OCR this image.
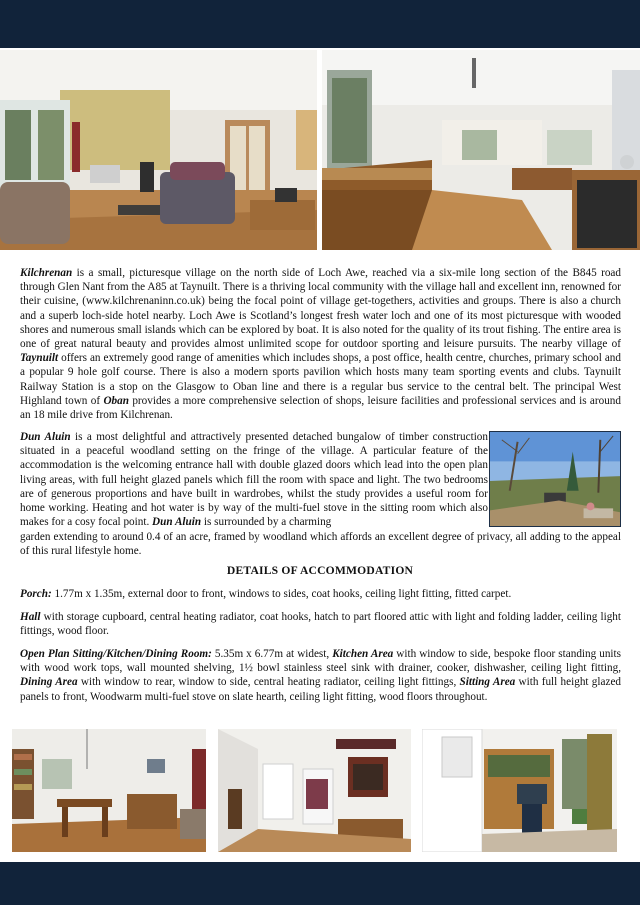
Kilchrenan is a small, picturesque village on the north side of Loch Awe, reached via a six-mile long section of the B845 road through Glen Nant from the A85 at Taynuilt. There is a thriving local community with the village hall and excellent inn, renowned for their cuisine, (www.kilchrenaninn.co.uk) being the focal point of village get-togethers, activities and groups. There is also a church and a superb loch-side hotel nearby. Loch Awe is Scotland’s longest fresh water loch and one of its most picturesque with wooded shores and numerous small islands which can be explored by boat. It is also noted for the quality of its trout fishing. The entire area is one of great natural beauty and provides almost unlimited scope for outdoor sporting and leisure pursuits. The nearby village of Taynuilt offers an extremely good range of amenities which includes shops, a post office, health centre, churches, primary school and a popular 9 hole golf course. There is also a modern sports pavilion which hosts many team sporting events and clubs. Taynuilt Railway Station is a stop on the Glasgow to Oban line and there is a regular bus service to the central belt. The principal West Highland town of Oban provides a more comprehensive selection of shops, leisure facilities and professional services and is around an 18 mile drive from Kilchrenan.
Dun Aluin is a most delightful and attractively presented detached bungalow of timber construction situated in a peaceful woodland setting on the fringe of the village. A particular feature of the accommodation is the welcoming entrance hall with double glazed doors which lead into the open plan living areas, with full height glazed panels which fill the room with space and light. The two bedrooms are of generous proportions and have built in wardrobes, whilst the study provides a useful room for home working. Heating and hot water is by way of the multi-fuel stove in the sitting room which also makes for a cosy focal point. Dun Aluin is surrounded by a charming
garden extending to around 0.4 of an acre, framed by woodland which affords an excellent degree of privacy, all adding to the appeal of this rural lifestyle home.
DETAILS OF ACCOMMODATION
Porch: 1.77m x 1.35m, external door to front, windows to sides, coat hooks, ceiling light fitting, fitted carpet.
Hall with storage cupboard, central heating radiator, coat hooks, hatch to part floored attic with light and folding ladder, ceiling light fittings, wood floor.
Open Plan Sitting/Kitchen/Dining Room: 5.35m x 6.77m at widest, Kitchen Area with window to side, bespoke floor standing units with wood work tops, wall mounted shelving, 1½ bowl stainless steel sink with drainer, cooker, dishwasher, ceiling light fitting, Dining Area with window to rear, window to side, central heating radiator, ceiling light fittings, Sitting Area with full height glazed panels to front, Woodwarm multi-fuel stove on slate hearth, ceiling light fitting, wood floors throughout.
